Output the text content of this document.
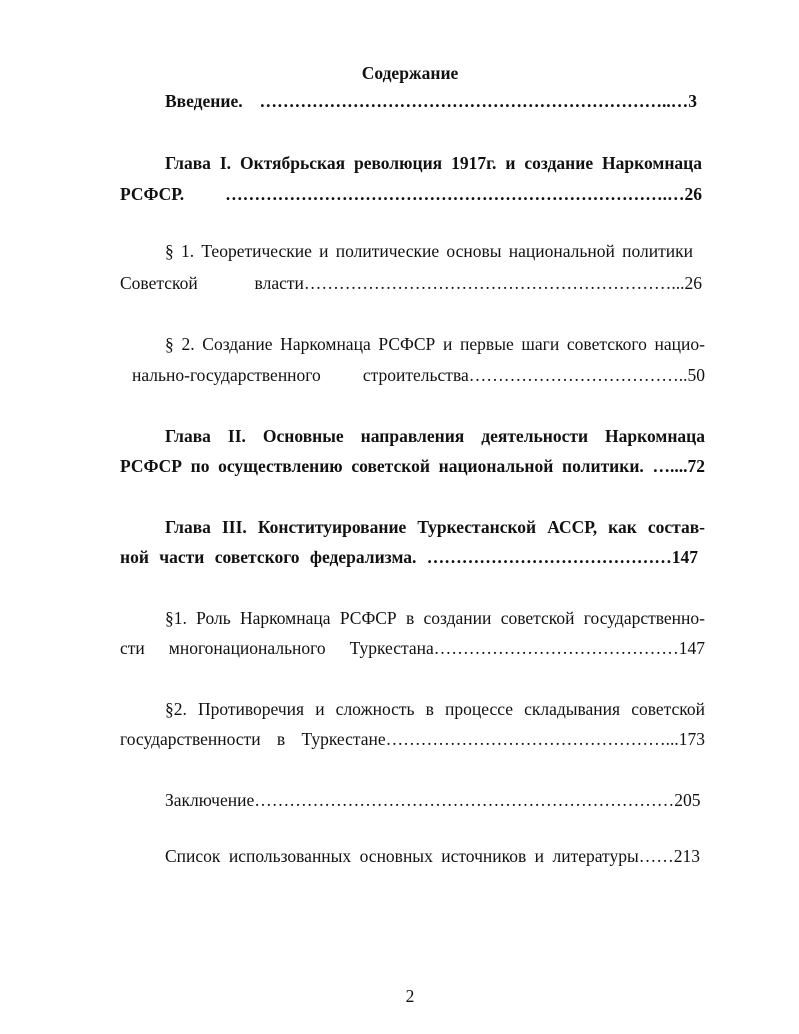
Содержание
Введение. ……………………………………………………………..…3
Глава I. Октябрьская революция 1917г. и создание Наркомнаца
РСФСР. ………………………………………………………………….…26
§ 1. Теоретические и политические основы национальной политики
Советской власти………………………………………………………...26
§ 2. Создание Наркомнаца РСФСР и первые шаги советского нацио-
нально-государственного строительства………………………………..50
Глава II. Основные направления деятельности Наркомнаца
РСФСР по осуществлению советской национальной политики. …....72
Глава III. Конституирование Туркестанской АССР, как состав-
ной части советского федерализма. ……………………………………147
§1. Роль Наркомнаца РСФСР в создании советской государственно-
сти многонационального Туркестана……………………………………147
§2. Противоречия и сложность в процессе складывания советской
государственности в Туркестане…………………………………………...173
Заключение………………………………………………………………205
Список использованных основных источников и литературы……213
2
